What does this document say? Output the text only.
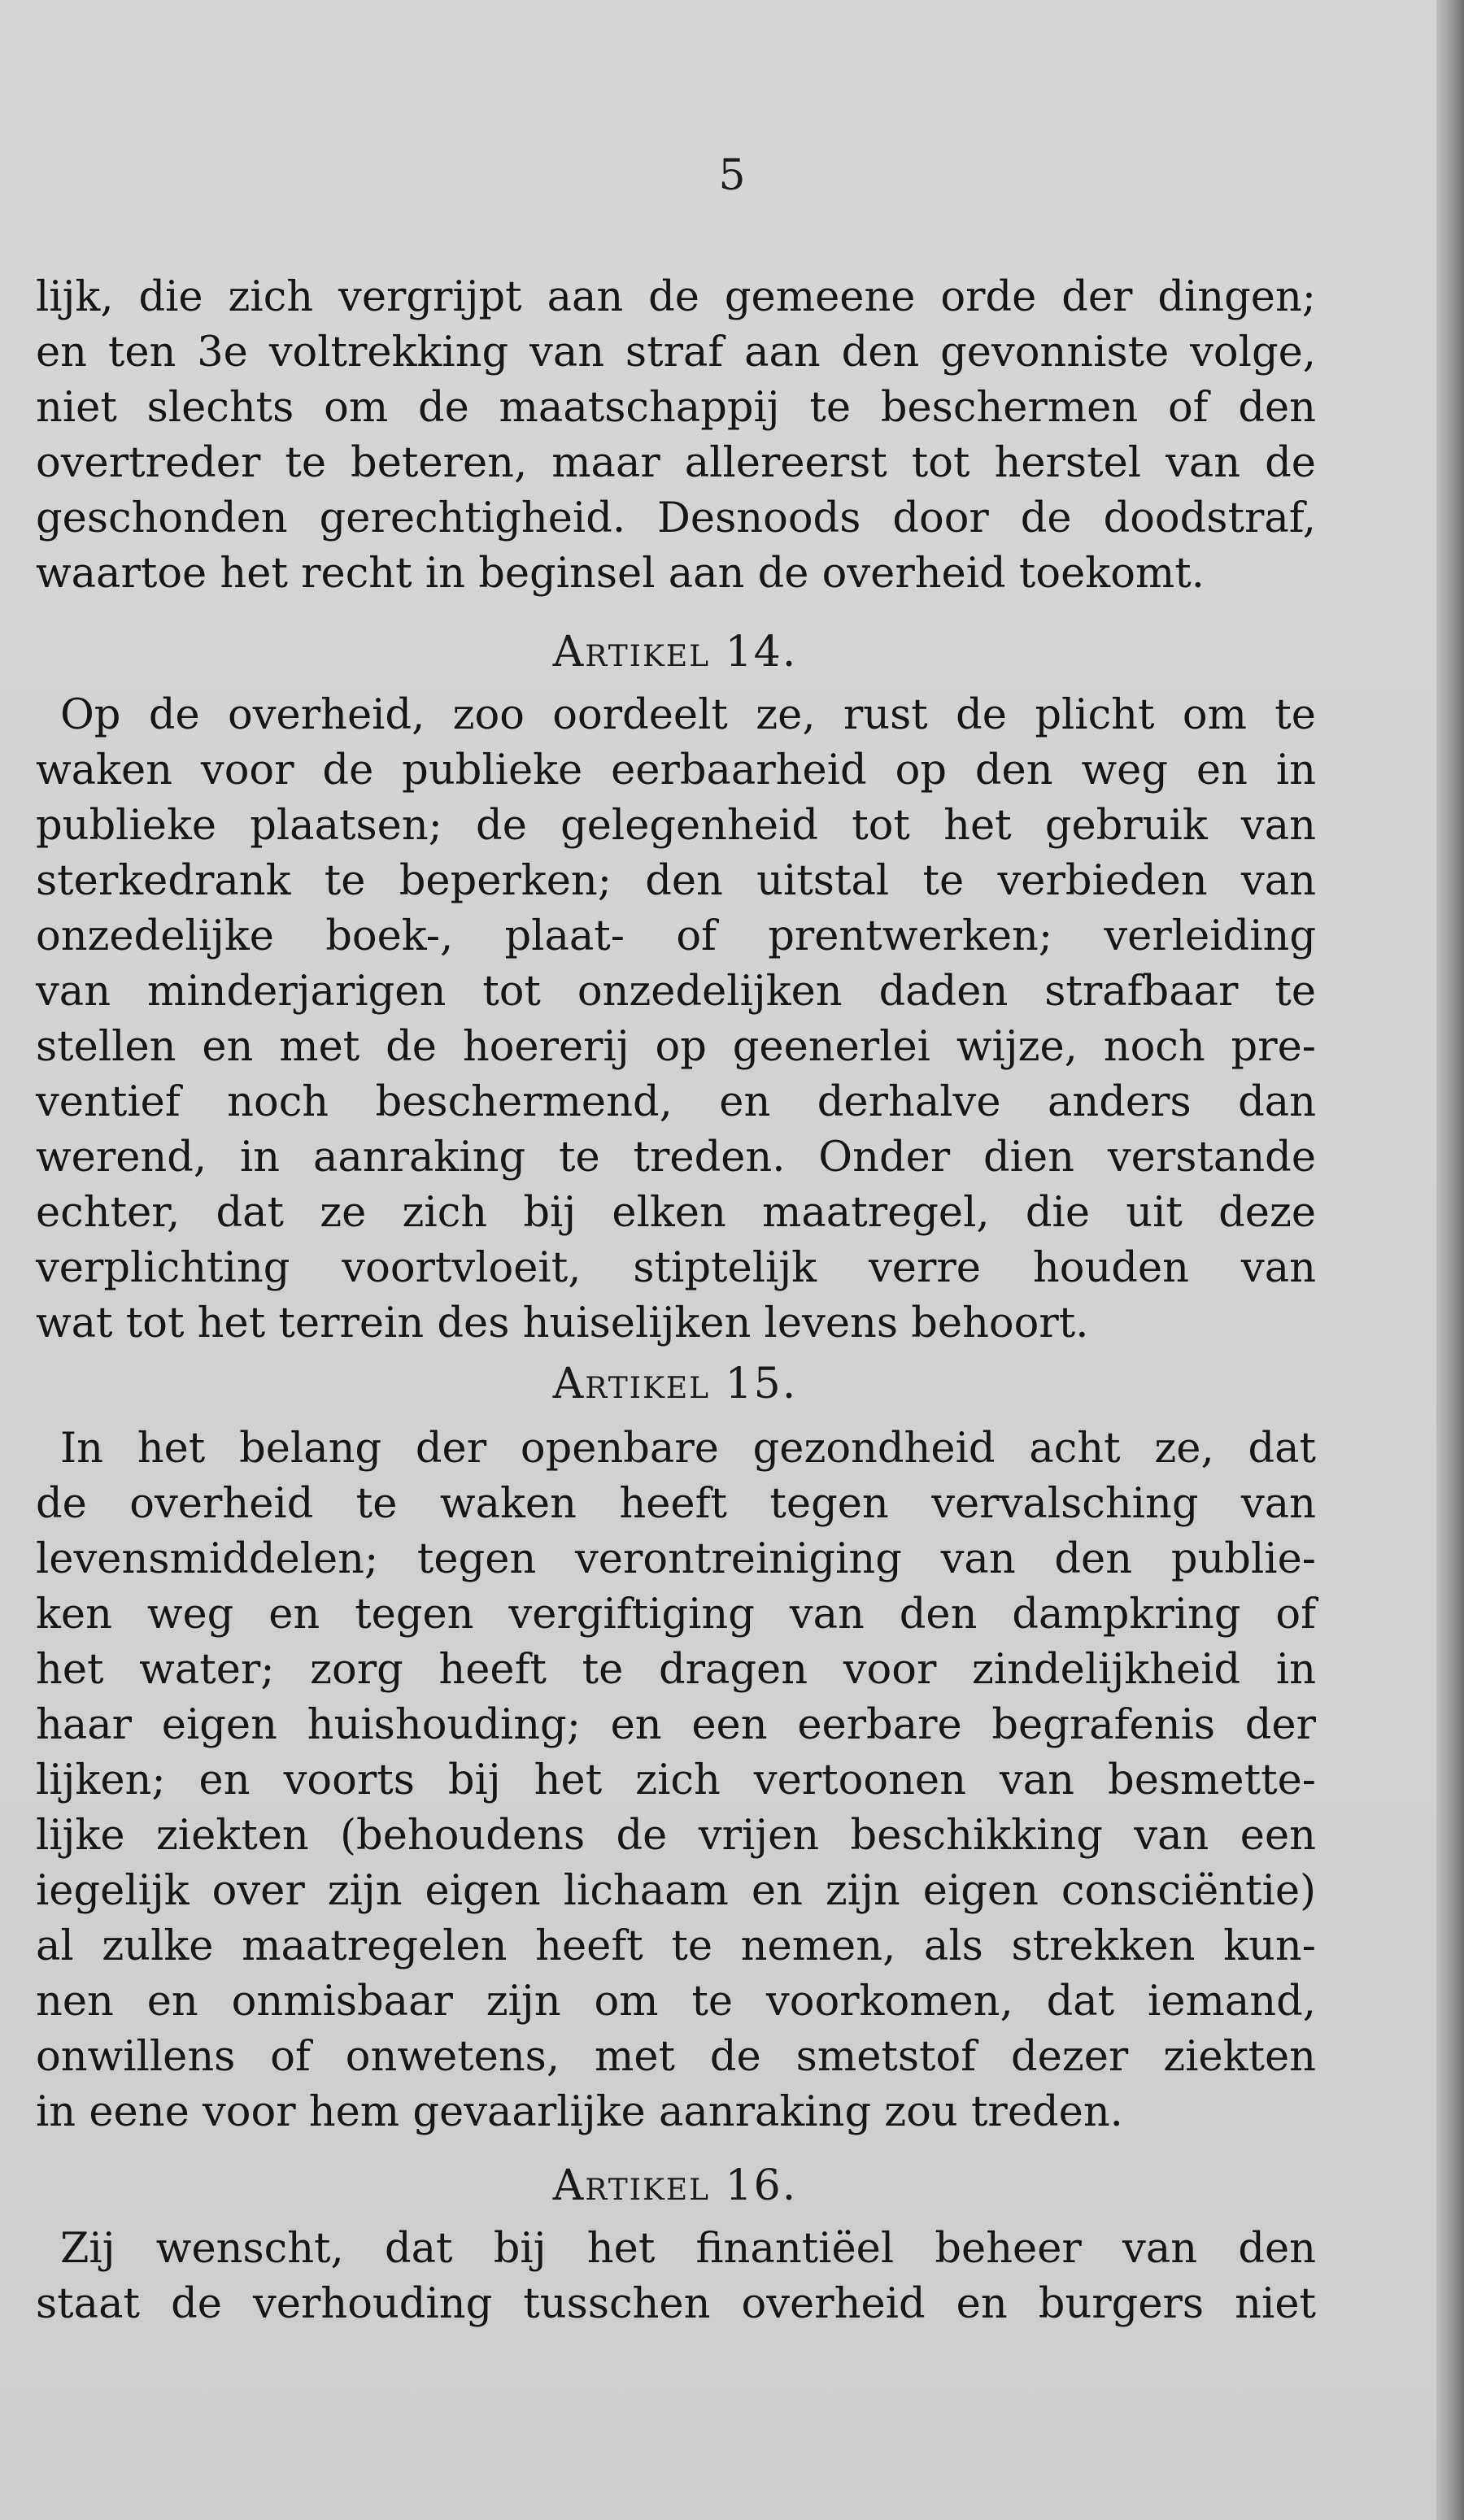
5
lijk, die zich vergrijpt aan de gemeene orde der dingen;
en ten 3e voltrekking van straf aan den gevonniste volge,
niet slechts om de maatschappij te beschermen of den
overtreder te beteren, maar allereerst tot herstel van de
geschonden gerechtigheid. Desnoods door de doodstraf,
waartoe het recht in beginsel aan de overheid toekomt.
Artikel 14.
Op de overheid, zoo oordeelt ze, rust de plicht om te
waken voor de publieke eerbaarheid op den weg en in
publieke plaatsen; de gelegenheid tot het gebruik van
sterkedrank te beperken; den uitstal te verbieden van
onzedelijke boek-, plaat- of prentwerken; verleiding
van minderjarigen tot onzedelijken daden strafbaar te
stellen en met de hoererij op geenerlei wijze, noch pre-
ventief noch beschermend, en derhalve anders dan
werend, in aanraking te treden. Onder dien verstande
echter, dat ze zich bij elken maatregel, die uit deze
verplichting voortvloeit, stiptelijk verre houden van
wat tot het terrein des huiselijken levens behoort.
Artikel 15.
In het belang der openbare gezondheid acht ze, dat
de overheid te waken heeft tegen vervalsching van
levensmiddelen; tegen verontreiniging van den publie-
ken weg en tegen vergiftiging van den dampkring of
het water; zorg heeft te dragen voor zindelijkheid in
haar eigen huishouding; en een eerbare begrafenis der
lijken; en voorts bij het zich vertoonen van besmette-
lijke ziekten (behoudens de vrijen beschikking van een
iegelijk over zijn eigen lichaam en zijn eigen consciëntie)
al zulke maatregelen heeft te nemen, als strekken kun-
nen en onmisbaar zijn om te voorkomen, dat iemand,
onwillens of onwetens, met de smetstof dezer ziekten
in eene voor hem gevaarlijke aanraking zou treden.
Artikel 16.
Zij wenscht, dat bij het finantiëel beheer van den
staat de verhouding tusschen overheid en burgers niet
